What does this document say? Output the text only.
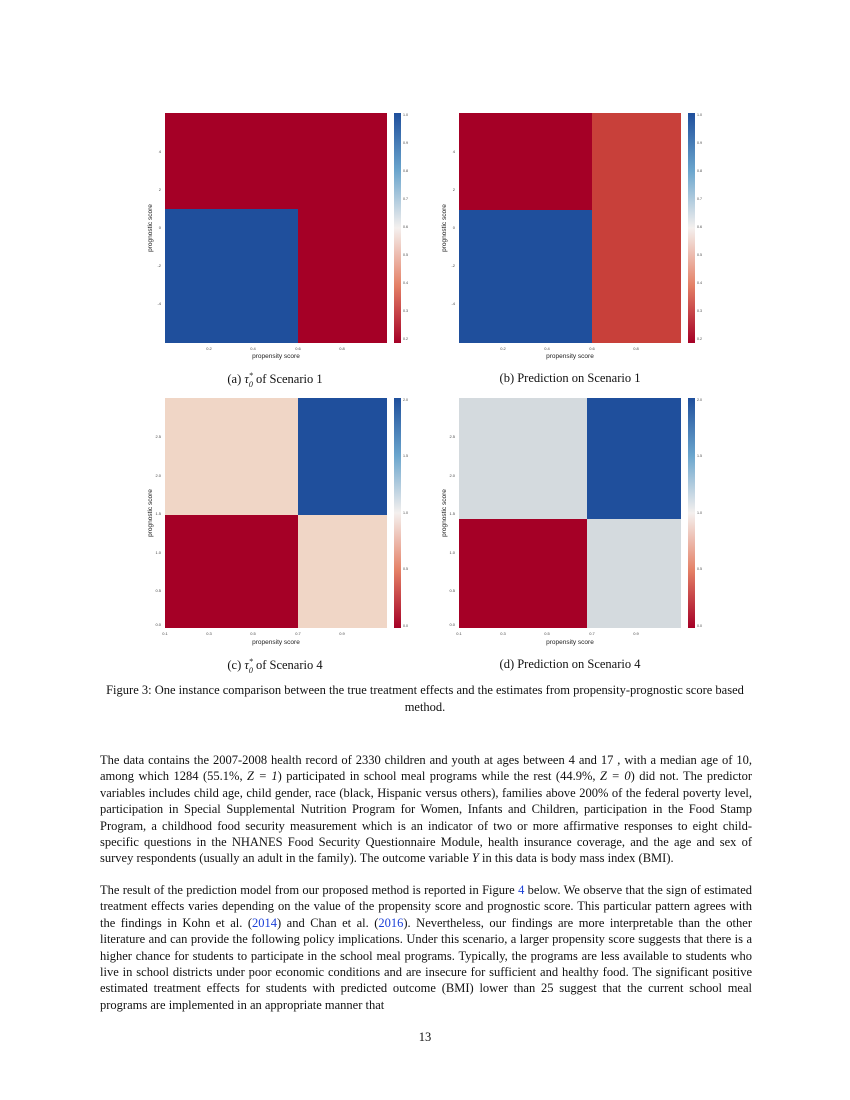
4
2
0
-2
-4
0.2	0.4	0.6	0.8
propensity score
prognostic score
1.0
0.9
0.8
0.7
0.6
0.5
0.4
0.3
0.2
4
2
0
-2
-4
0.2	0.4	0.6	0.8
propensity score
prognostic score
1.0
0.9
0.8
0.7
0.6
0.5
0.4
0.3
0.2
2.5
2.0
1.5
1.0
0.5
0.0
0.1	0.3	0.5	0.7	0.9
propensity score
prognostic score
2.0
1.5
1.0
0.5
0.0
2.5
2.0
1.5
1.0
0.5
0.0
0.1	0.3	0.5	0.7	0.9
propensity score
prognostic score
2.0
1.5
1.0
0.5
0.0
(a) $\tau^*_0$ of Scenario 1	(b) Prediction on Scenario 1
(c) $\tau^*_0$ of Scenario 4	(d) Prediction on Scenario 4
Figure 3: One instance comparison between the true treatment effects and the estimates from propensity-prognostic score based method.

The data contains the 2007-2008 health record of 2330 children and youth at ages between 4 and 17 , with a median age of 10, among which 1284 (55.1%, Z = 1) participated in school meal programs while the rest (44.9%, Z = 0) did not. The predictor variables includes child age, child gender, race (black, Hispanic versus others), families above 200% of the federal poverty level, participation in Special Supplemental Nutrition Program for Women, Infants and Children, participation in the Food Stamp Program, a childhood food security measurement which is an indicator of two or more affirmative responses to eight child-specific questions in the NHANES Food Security Questionnaire Module, health insurance coverage, and the age and sex of survey respondents (usually an adult in the family). The outcome variable Y in this data is body mass index (BMI).

The result of the prediction model from our proposed method is reported in Figure 4 below. We observe that the sign of estimated treatment effects varies depending on the value of the propensity score and prognostic score. This particular pattern agrees with the findings in Kohn et al. (2014) and Chan et al. (2016). Nevertheless, our findings are more interpretable than the other literature and can provide the following policy implications. Under this scenario, a larger propensity score suggests that there is a higher chance for students to participate in the school meal programs. Typically, the programs are less available to students who live in school districts under poor economic conditions and are insecure for sufficient and healthy food. The significant positive estimated treatment effects for students with predicted outcome (BMI) lower than 25 suggest that the current school meal programs are implemented in an appropriate manner that

13
